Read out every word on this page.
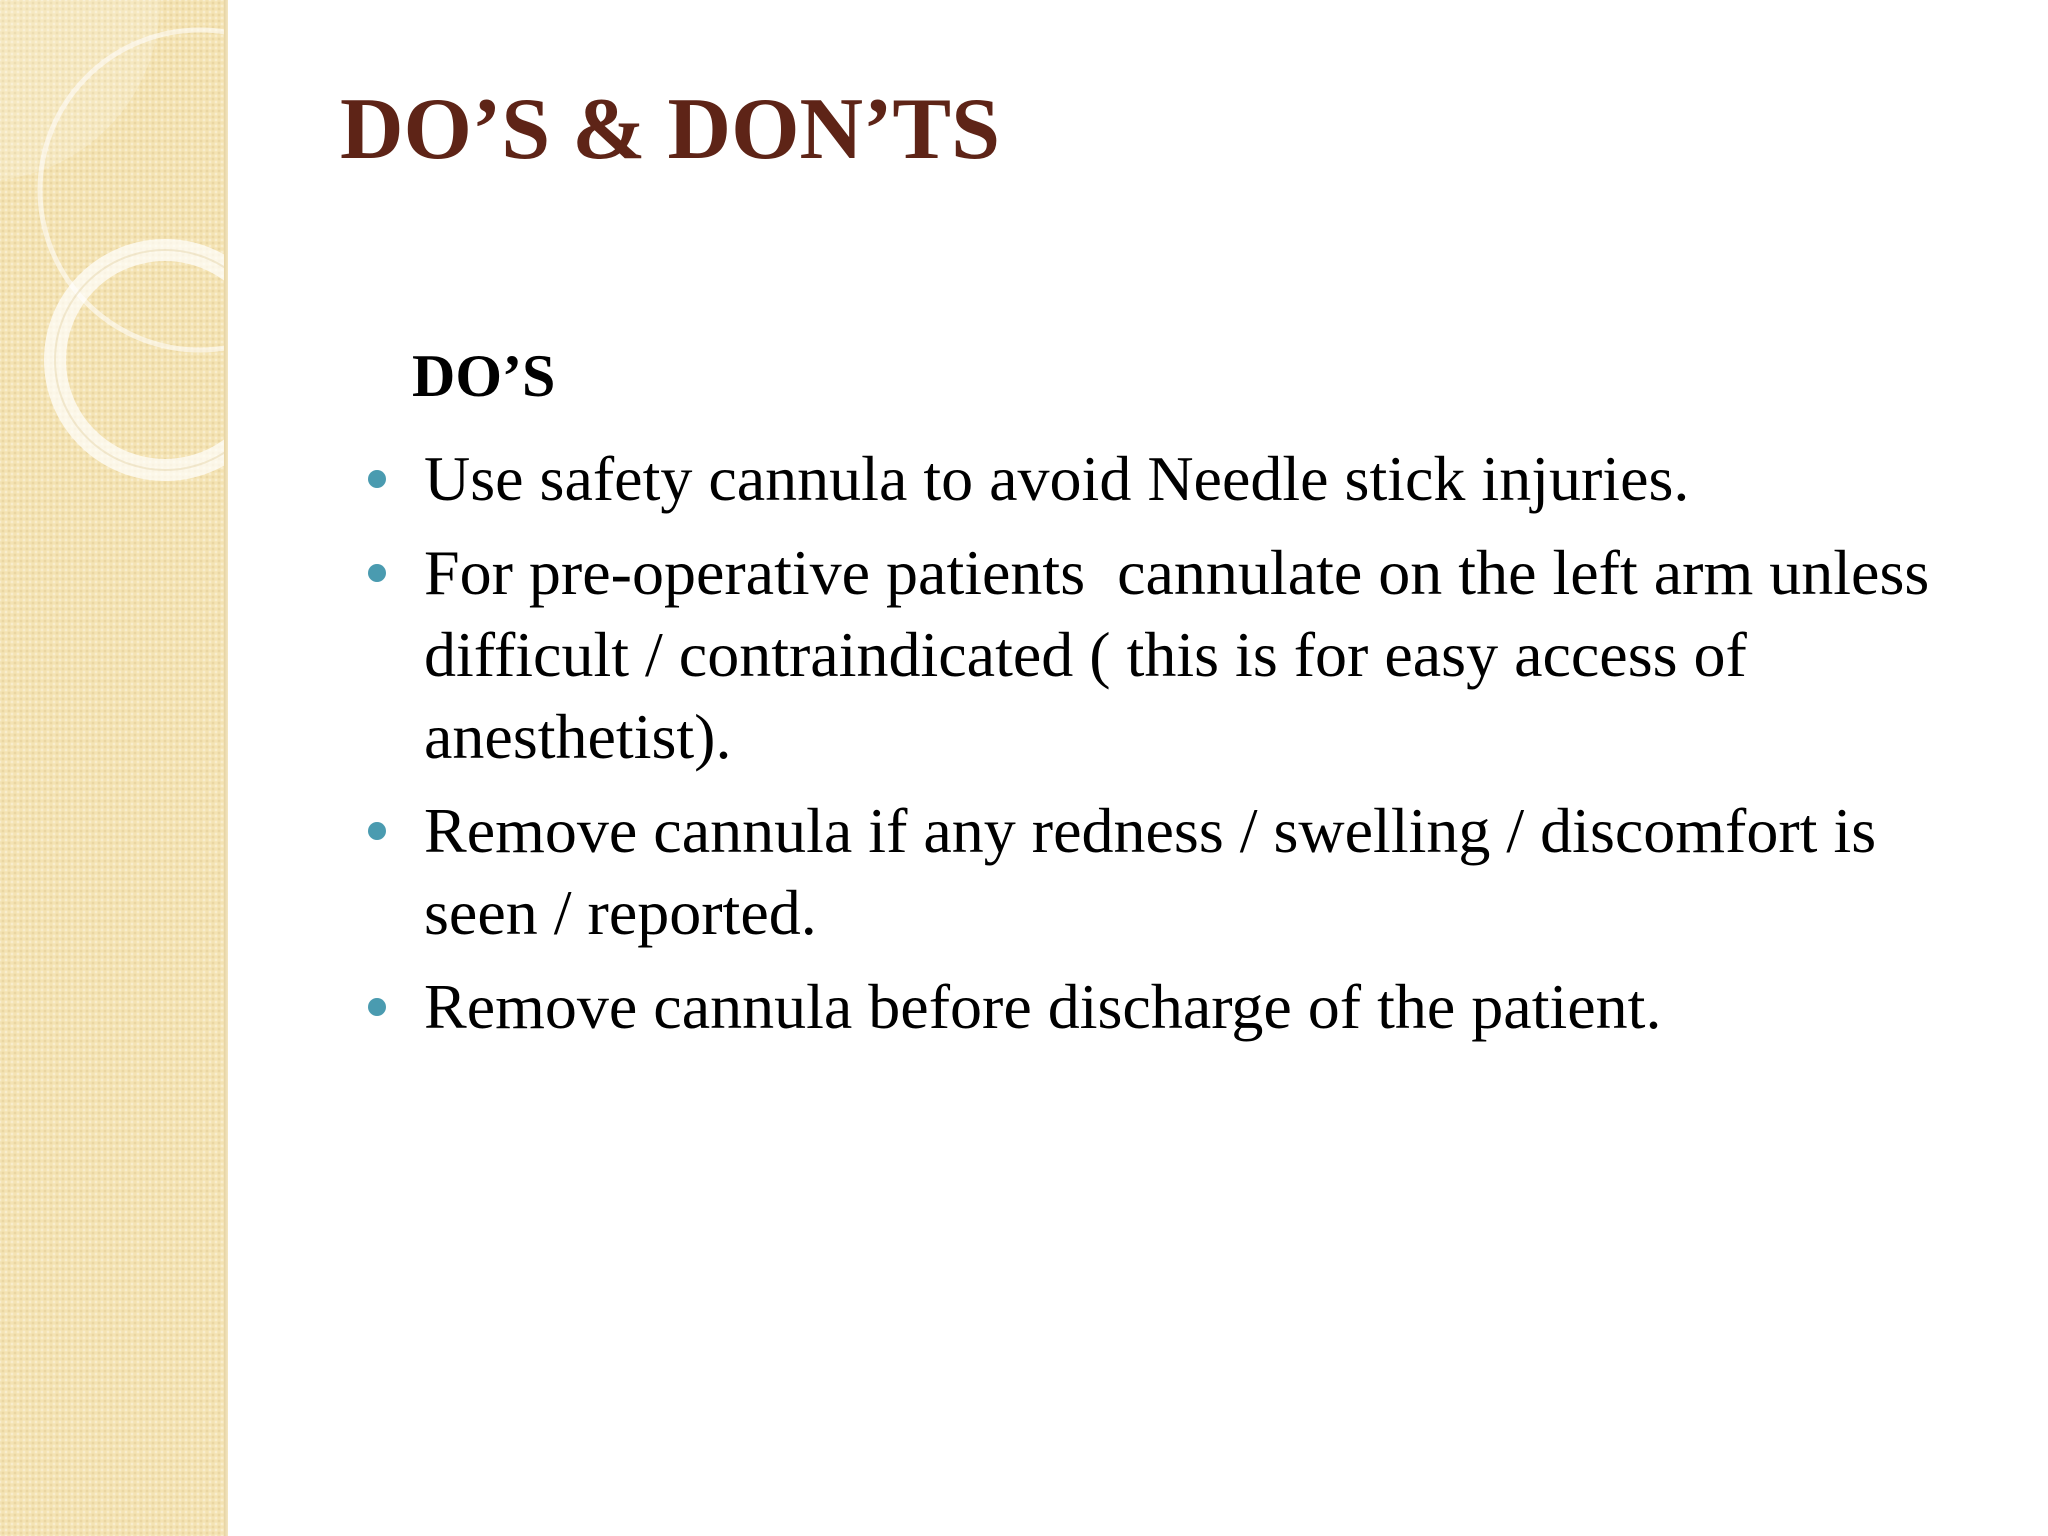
DO’S & DON’TS
DO’S
Use safety cannula to avoid Needle stick injuries.
For pre-operative patients  cannulate on the left arm unless difficult / contraindicated ( this is for easy access of anesthetist).
Remove cannula if any redness / swelling / discomfort is seen / reported.
Remove cannula before discharge of the patient.
